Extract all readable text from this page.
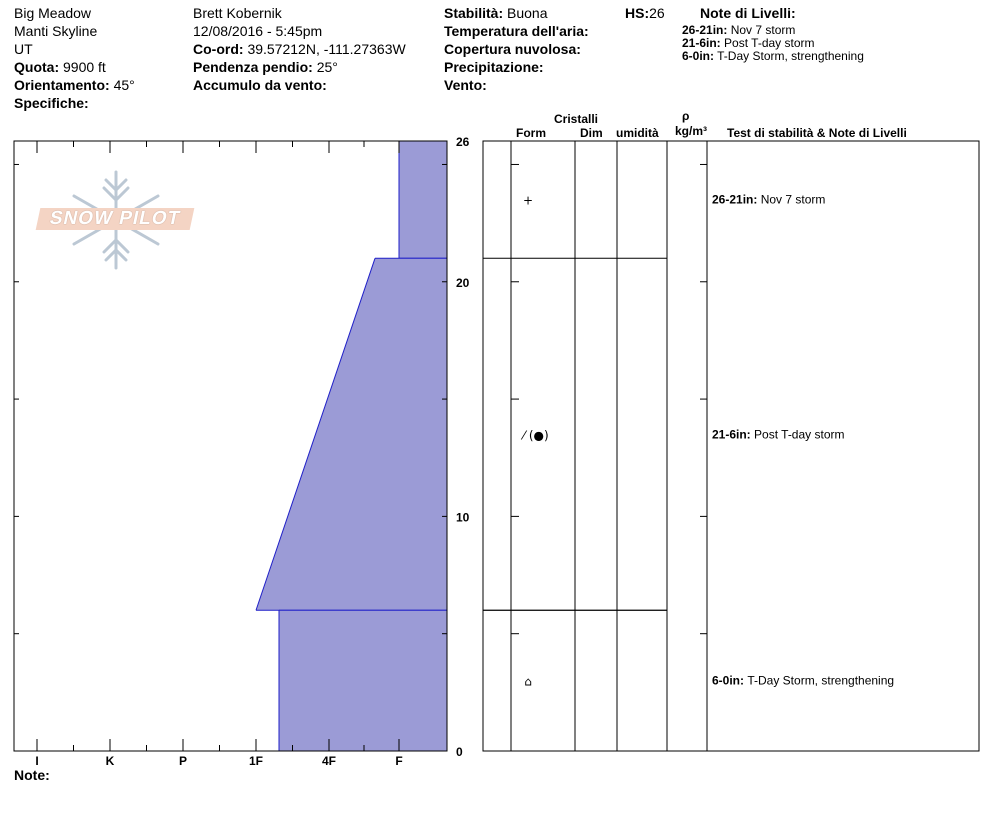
Big Meadow
Manti Skyline
UT
Quota: 9900 ft
Orientamento: 45°
Specifiche:
Brett Kobernik
12/08/2016 - 5:45pm
Co-ord: 39.57212N, -111.27363W
Pendenza pendio: 25°
Accumulo da vento:
Stabilità: Buona
Temperatura dell'aria:
Copertura nuvolosa:
Precipitazione:
Vento:
HS:26	Note di Livelli:
26-21in: Nov 7 storm
21-6in: Post T-day storm
6-0in: T-Day Storm, strengthening
Cristalli
Form	Dim umidità
ρ
kg/m³ Test di stabilità & Note di Livelli
I	K	P	1F	4F	F
0
10
20
26
+	26-21in: Nov 7 storm
⁄ (●)	21-6in: Post T-day storm
⌂	6-0in: T-Day Storm, strengthening
SNOW PILOT
Note:
